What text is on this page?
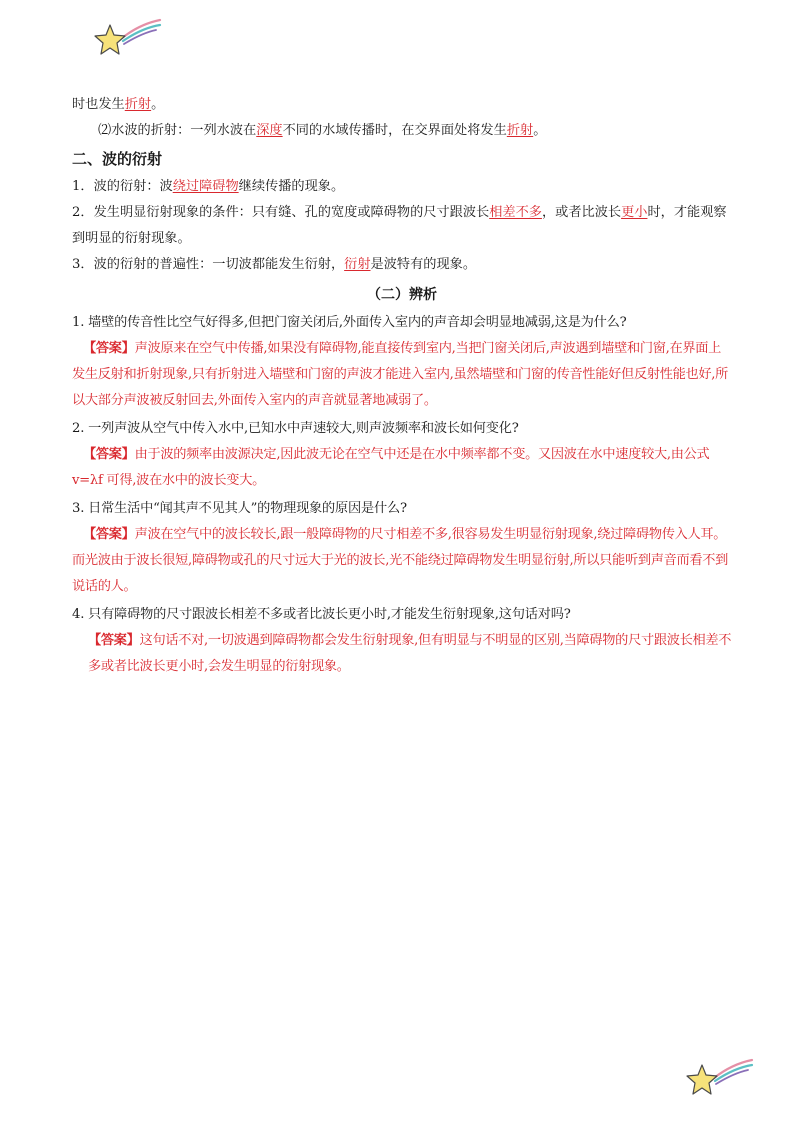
时也发生折射。

⑵水波的折射：一列水波在深度不同的水域传播时，在交界面处将发生折射。

二、波的衍射

1．波的衍射：波绕过障碍物继续传播的现象。

2．发生明显衍射现象的条件：只有缝、孔的宽度或障碍物的尺寸跟波长相差不多，或者比波长更小时，才能观察到明显的衍射现象。

3．波的衍射的普遍性：一切波都能发生衍射，衍射是波特有的现象。

（二）辨析

1. 墙壁的传音性比空气好得多,但把门窗关闭后,外面传入室内的声音却会明显地减弱,这是为什么?

【答案】声波原来在空气中传播,如果没有障碍物,能直接传到室内,当把门窗关闭后,声波遇到墙壁和门窗,在界面上发生反射和折射现象,只有折射进入墙壁和门窗的声波才能进入室内,虽然墙壁和门窗的传音性能好但反射性能也好,所以大部分声波被反射回去,外面传入室内的声音就显著地减弱了。

2. 一列声波从空气中传入水中,已知水中声速较大,则声波频率和波长如何变化?

【答案】由于波的频率由波源决定,因此波无论在空气中还是在水中频率都不变。又因波在水中速度较大,由公式 v=λf 可得,波在水中的波长变大。

3. 日常生活中“闻其声不见其人”的物理现象的原因是什么?

【答案】声波在空气中的波长较长,跟一般障碍物的尺寸相差不多,很容易发生明显衍射现象,绕过障碍物传入人耳。而光波由于波长很短,障碍物或孔的尺寸远大于光的波长,光不能绕过障碍物发生明显衍射,所以只能听到声音而看不到说话的人。

4. 只有障碍物的尺寸跟波长相差不多或者比波长更小时,才能发生衍射现象,这句话对吗?

【答案】这句话不对,一切波遇到障碍物都会发生衍射现象,但有明显与不明显的区别,当障碍物的尺寸跟波长相差不多或者比波长更小时,会发生明显的衍射现象。
